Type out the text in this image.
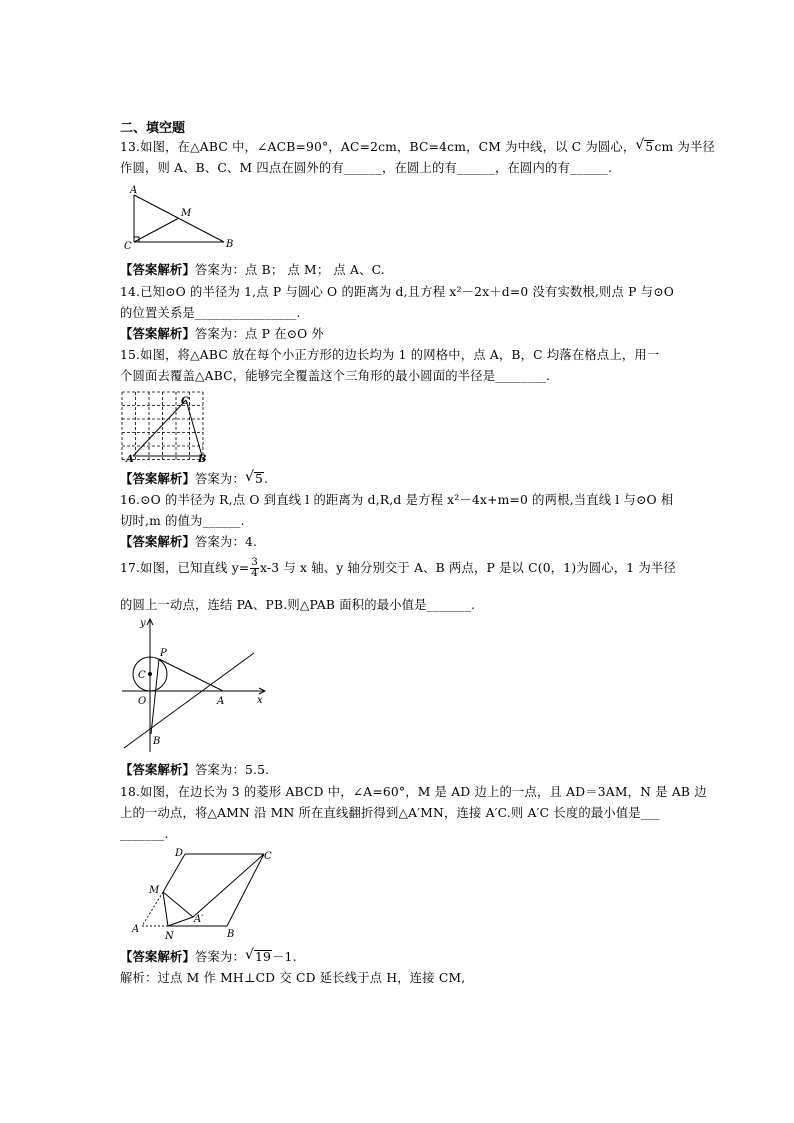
二、填空题
13.如图，在△ABC 中，∠ACB=90°，AC=2cm，BC=4cm，CM 为中线，以 C 为圆心， √ 5cm 为半径
作圆，则 A、B、C、M 四点在圆外的有______，在圆上的有______，在圆内的有______.
A
M
C	B
【答案解析】答案为：点 B； 点 M； 点 A、C.
14.已知⊙O 的半径为 1,点 P 与圆心 O 的距离为 d,且方程 x²－2x＋d=0 没有实数根,则点 P 与⊙O
的位置关系是________________.
【答案解析】答案为：点 P 在⊙O 外
15.如图，将△ABC 放在每个小正方形的边长均为 1 的网格中，点 A，B，C 均落在格点上，用一
个圆面去覆盖△ABC，能够完全覆盖这个三角形的最小圆面的半径是________.
A	B
C
【答案解析】答案为： √ 5.
16.⊙O 的半径为 R,点 O 到直线 l 的距离为 d,R,d 是方程 x²－4x+m=0 的两根,当直线 l 与⊙O 相
切时,m 的值为______.
【答案解析】答案为：4.
17.如图，已知直线 $y= \frac{3}{4} x-3$ 与 x 轴、y 轴分别交于 A、B 两点，P 是以 C(0，1)为圆心，1 为半径
的圆上一动点，连结 PA、PB.则△PAB 面积的最小值是_______.
y
x
P
C
O	A
B
【答案解析】答案为：5.5.
18.如图，在边长为 3 的菱形 ABCD 中，∠A=60°，M 是 AD 边上的一点，且 AD＝3AM，N 是 AB 边
上的一动点，将△AMN 沿 MN 所在直线翻折得到△A′MN，连接 A′C.则 A′C 长度的最小值是___
_______.
D	C
M
A′
A
N	B
【答案解析】答案为： √ 19－1.
解析：过点 M 作 MH⊥CD 交 CD 延长线于点 H，连接 CM,
